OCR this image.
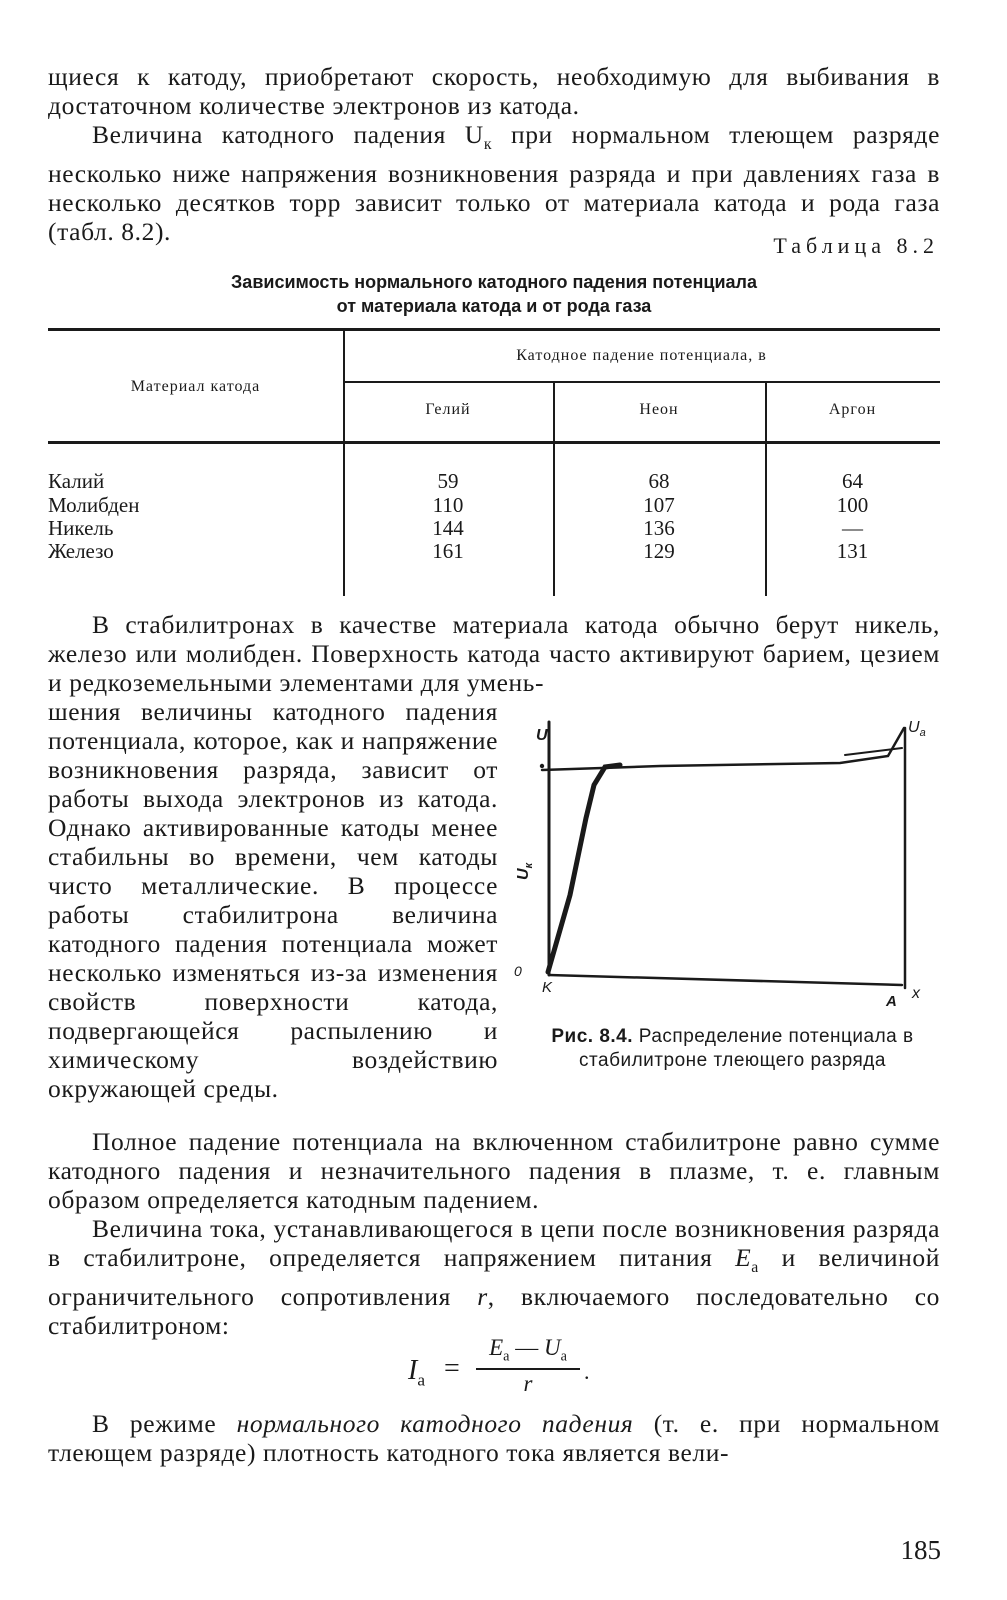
щиеся к катоду, приобретают скорость, необходимую для выбивания в достаточном количестве электронов из катода.

Величина катодного падения $U_к$ при нормальном тлеющем разряде несколько ниже напряжения возникновения разряда и при давлениях газа в несколько десятков торр зависит только от материала катода и рода газа (табл. 8.2).	Таблица 8.2
Зависимость нормального катодного падения потенциала
от материала катода и от рода газа
Материал катода
Катодное падение потенциала, в
Гелий	Неон	Аргон
Калий	59	68	64
Молибден	110	107	100
Никель	144	136	—
Железо	161	129	131

В стабилитронах в качестве материала катода обычно берут никель, железо или молибден. Поверхность катода часто активируют барием, цезием и редкоземельными элементами для умень-

шения величины катодного падения потенциала, которое, как и напряжение возникновения разряда, зависит от работы выхода электронов из катода. Однако активированные катоды менее стабильны во времени, чем катоды чисто металлические. В процессе работы стабилитрона величина катодного падения потенциала может несколько изменяться из-за изменения свойств поверхности катода, подвергающейся распылению и химическому воздействию окружающей среды.

U	$U_a$
$U_к$
0
K
A x
Рис. 8.4. Распределение потенциала в стабилитроне тлеющего разряда

Полное падение потенциала на включенном стабилитроне равно сумме катодного падения и незначительного падения в плазме, т. е. главным образом определяется катодным падением.

Величина тока, устанавливающегося в цепи после возникновения разряда в стабилитроне, определяется напряжением питания $E_а$ и величиной ограничительного сопротивления r, включаемого последовательно со стабилитроном:

$I_a$ =
$E_a$ — $U_a$
r	.

В режиме нормального катодного падения (т. е. при нормальном тлеющем разряде) плотность катодного тока является вели-

185
